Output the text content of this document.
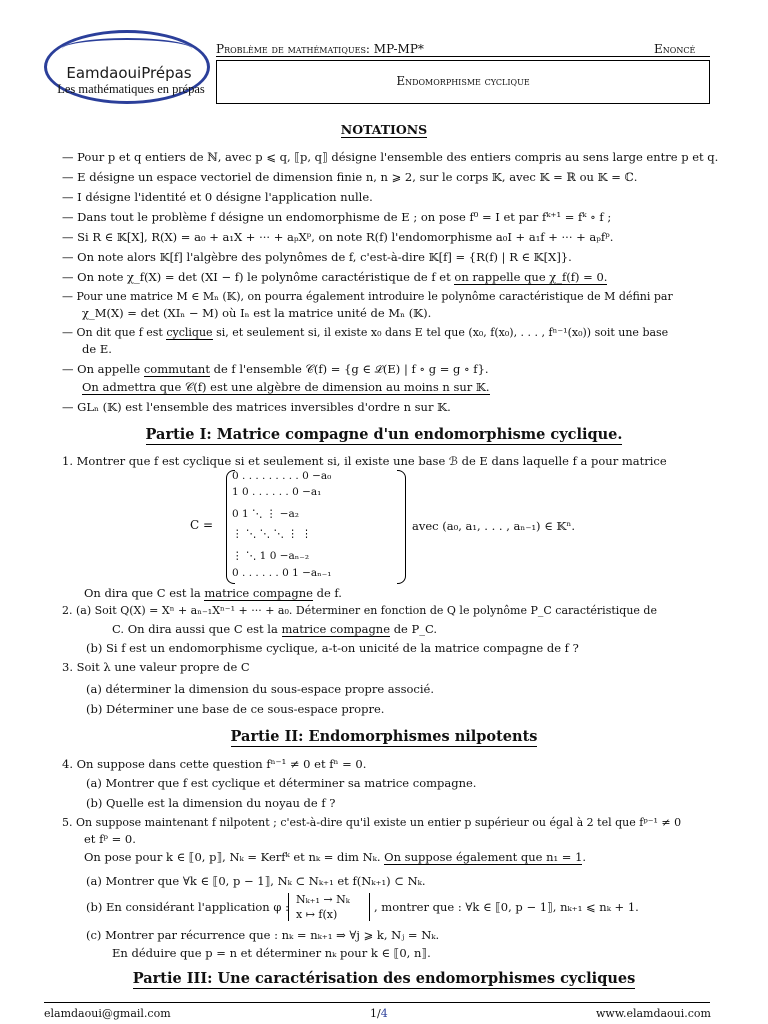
EamdaouiPrépas
Les mathématiques en prépas
Problème de mathématiques: MP-MP*	Enoncé
Endomorphisme cyclique
NOTATIONS
— Pour p et q entiers de ℕ, avec p ⩽ q, ⟦p, q⟧ désigne l'ensemble des entiers compris au sens large entre p et q.
— E désigne un espace vectoriel de dimension finie n, n ⩾ 2, sur le corps 𝕂, avec 𝕂 = ℝ ou 𝕂 = ℂ.
— I désigne l'identité et 0 désigne l'application nulle.
— Dans tout le problème f désigne un endomorphisme de E ; on pose f⁰ = I et par fᵏ⁺¹ = fᵏ ∘ f ;
— Si R ∈ 𝕂[X], R(X) = a₀ + a₁X + ··· + aₚXᵖ, on note R(f) l'endomorphisme a₀I + a₁f + ··· + aₚfᵖ.
— On note alors 𝕂[f] l'algèbre des polynômes de f, c'est-à-dire 𝕂[f] = {R(f) | R ∈ 𝕂[X]}.
— On note χ_f(X) = det (XI − f) le polynôme caractéristique de f et on rappelle que χ_f(f) = 0.
— Pour une matrice M ∈ Mₙ (𝕂), on pourra également introduire le polynôme caractéristique de M défini par
χ_M(X) = det (XIₙ − M) où Iₙ est la matrice unité de Mₙ (𝕂).
— On dit que f est cyclique si, et seulement si, il existe x₀ dans E tel que (x₀, f(x₀), . . . , fⁿ⁻¹(x₀)) soit une base
de E.
— On appelle commutant de f l'ensemble 𝒞(f) = {g ∈ ℒ(E) | f ∘ g = g ∘ f}.
On admettra que 𝒞(f) est une algèbre de dimension au moins n sur 𝕂.
— GLₙ (𝕂) est l'ensemble des matrices inversibles d'ordre n sur 𝕂.
Partie I: Matrice compagne d'un endomorphisme cyclique.
1. Montrer que f est cyclique si et seulement si, il existe une base ℬ de E dans laquelle f a pour matrice
C =
0 . . . . . . . . . 0 −a₀
1 0 . . . . . . 0 −a₁
0 1 ⋱ ⋮ −a₂
⋮ ⋱ ⋱ ⋱ ⋮ ⋮
⋮ ⋱ 1 0 −aₙ₋₂
0 . . . . . . 0 1 −aₙ₋₁
avec (a₀, a₁, . . . , aₙ₋₁) ∈ 𝕂ⁿ.
On dira que C est la matrice compagne de f.
2. (a) Soit Q(X) = Xⁿ + aₙ₋₁Xⁿ⁻¹ + ··· + a₀. Déterminer en fonction de Q le polynôme P_C caractéristique de
C. On dira aussi que C est la matrice compagne de P_C.
(b) Si f est un endomorphisme cyclique, a-t-on unicité de la matrice compagne de f ?
3. Soit λ une valeur propre de C
(a) déterminer la dimension du sous-espace propre associé.
(b) Déterminer une base de ce sous-espace propre.
Partie II: Endomorphismes nilpotents
4. On suppose dans cette question fⁿ⁻¹ ≠ 0 et fⁿ = 0.
(a) Montrer que f est cyclique et déterminer sa matrice compagne.
(b) Quelle est la dimension du noyau de f ?
5. On suppose maintenant f nilpotent ; c'est-à-dire qu'il existe un entier p supérieur ou égal à 2 tel que fᵖ⁻¹ ≠ 0
et fᵖ = 0.
On pose pour k ∈ ⟦0, p⟧, Nₖ = Kerfᵏ et nₖ = dim Nₖ. On suppose également que n₁ = 1.
(a) Montrer que ∀k ∈ ⟦0, p − 1⟧, Nₖ ⊂ Nₖ₊₁ et f(Nₖ₊₁) ⊂ Nₖ.
(b) En considérant l'application φ :
Nₖ₊₁ → Nₖ
x ↦ f(x)
, montrer que : ∀k ∈ ⟦0, p − 1⟧, nₖ₊₁ ⩽ nₖ + 1.
(c) Montrer par récurrence que : nₖ = nₖ₊₁ ⇒ ∀j ⩾ k, Nⱼ = Nₖ.
En déduire que p = n et déterminer nₖ pour k ∈ ⟦0, n⟧.
Partie III: Une caractérisation des endomorphismes cycliques
elamdaoui@gmail.com	1/4	www.elamdaoui.com
